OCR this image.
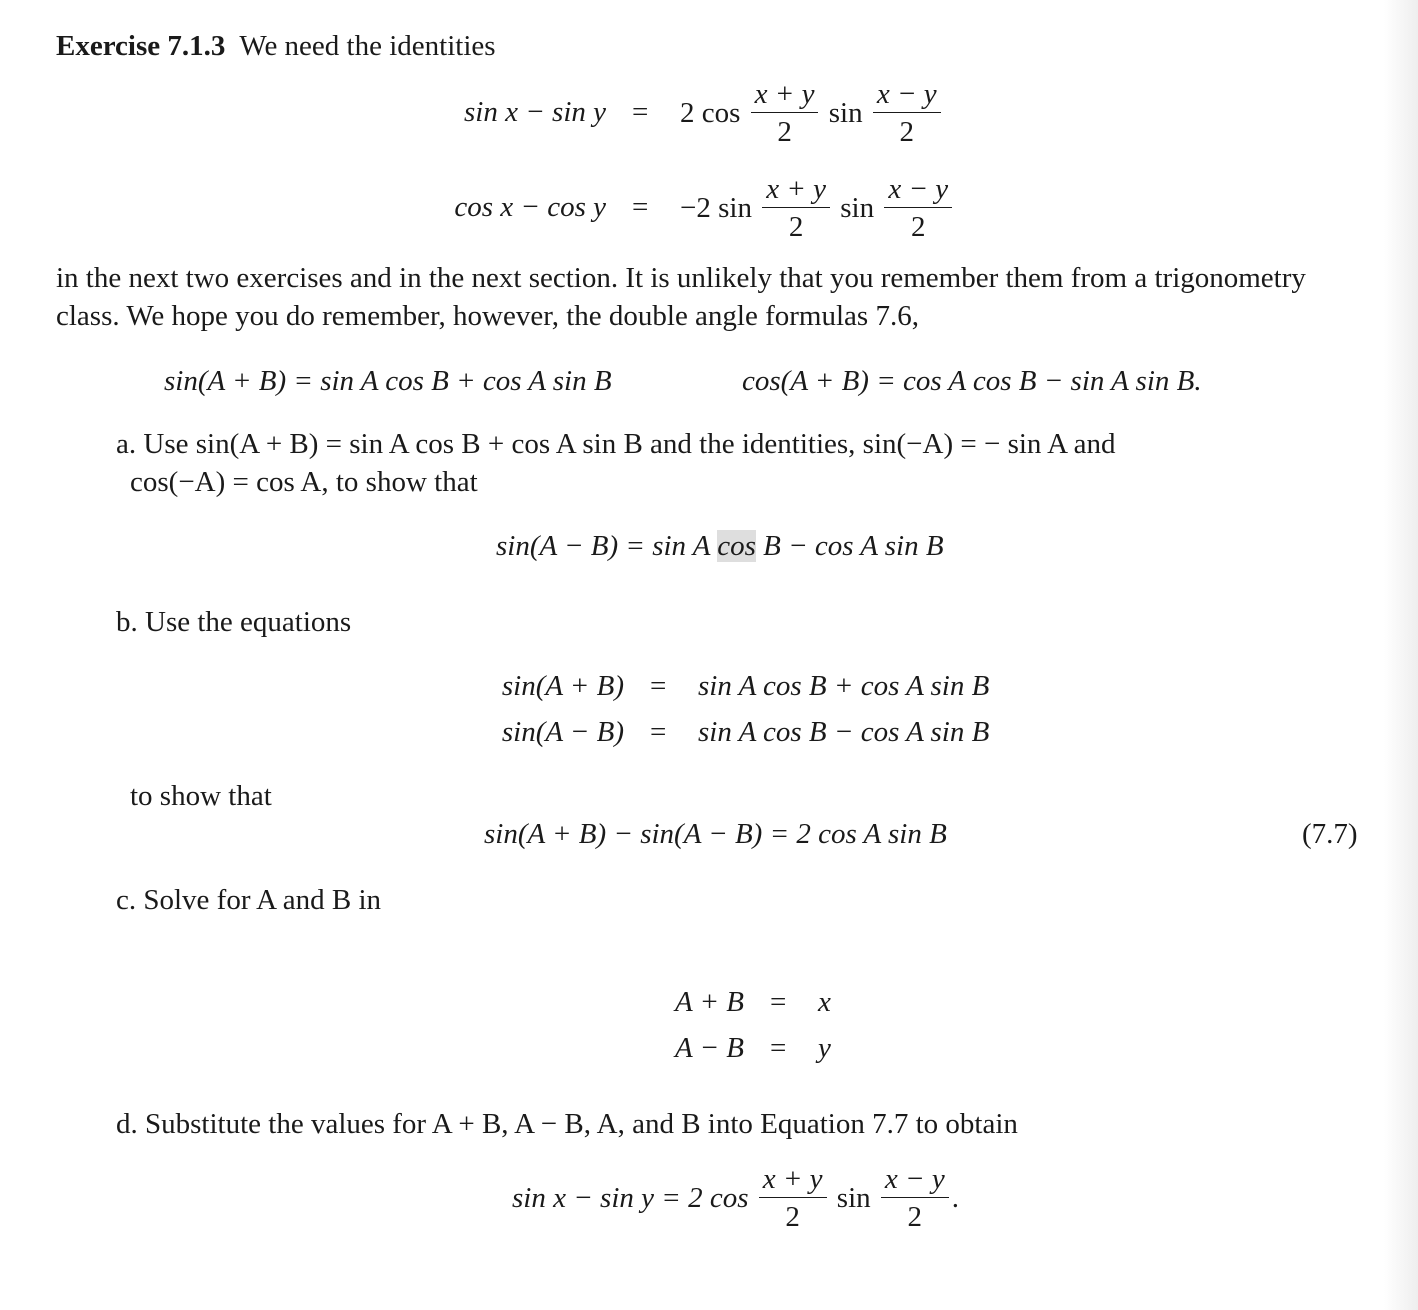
Exercise 7.1.3 We need the identities
sin x − sin y = 2 $\cos \frac{x + y}{2}$ $\sin \frac{x - y}{2}$
cos x − cos y = −2 $\sin \frac{x + y}{2}$ $\sin \frac{x - y}{2}$
in the next two exercises and in the next section. It is unlikely that you remember them from a trigonometry class. We hope you do remember, however, the double angle formulas 7.6,
sin(A + B) = sin A cos B + cos A sin B	cos(A + B) = cos A cos B − sin A sin B.
a. Use sin(A + B) = sin A cos B + cos A sin B and the identities, sin(−A) = − sin A and
cos(−A) = cos A, to show that
sin(A − B) = sin A cos B − cos A sin B
b. Use the equations
sin(A + B) = sin A cos B + cos A sin B
sin(A − B) = sin A cos B − cos A sin B
to show that
sin(A + B) − sin(A − B) = 2 cos A sin B	(7.7)
c. Solve for A and B in
A + B = x
A − B = y
d. Substitute the values for A + B, A − B, A, and B into Equation 7.7 to obtain
sin x − sin y = 2 $\cos \frac{x + y}{2}$ $\sin \frac{x - y}{2}$ .
